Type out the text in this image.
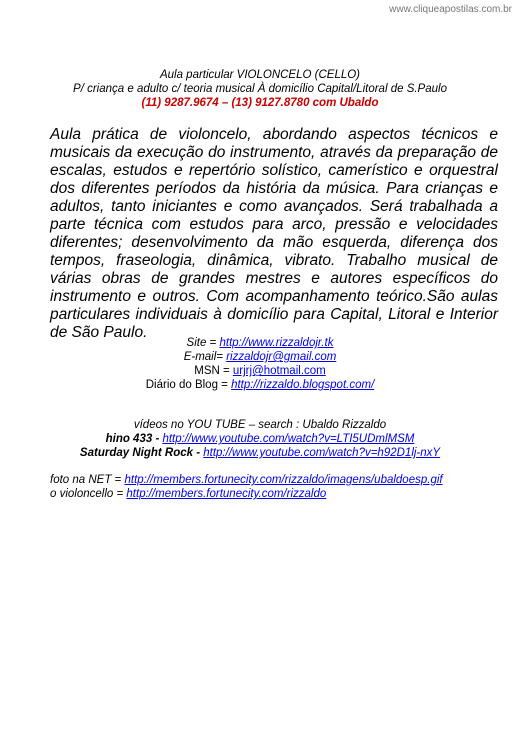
www.cliqueapostilas.com.br
Aula particular VIOLONCELO (CELLO)
P/ criança e adulto c/ teoria musical À domicílio Capital/Litoral de S.Paulo
(11) 9287.9674 – (13) 9127.8780 com Ubaldo
Aula prática de violoncelo, abordando aspectos técnicos e musicais da execução do instrumento, através da preparação de escalas, estudos e repertório solístico, camerístico e orquestral dos diferentes períodos da história da música. Para crianças e adultos, tanto iniciantes e como avançados. Será trabalhada a parte técnica com estudos para arco, pressão e velocidades diferentes; desenvolvimento da mão esquerda, diferença dos tempos, fraseologia, dinâmica, vibrato. Trabalho musical de várias obras de grandes mestres e autores específicos do instrumento e outros. Com acompanhamento teórico.São aulas particulares individuais à domicílio para Capital, Litoral e Interior de São Paulo.
Site = http://www.rizzaldojr.tk
E-mail= rizzaldojr@gmail.com
MSN = urjrj@hotmail.com
Diário do Blog = http://rizzaldo.blogspot.com/
vídeos no YOU TUBE – search : Ubaldo Rizzaldo
hino 433 - http://www.youtube.com/watch?v=LTI5UDmlMSM
Saturday Night Rock - http://www.youtube.com/watch?v=h92D1lj-nxY
foto na NET = http://members.fortunecity.com/rizzaldo/imagens/ubaldoesp.gif
o violoncello = http://members.fortunecity.com/rizzaldo
